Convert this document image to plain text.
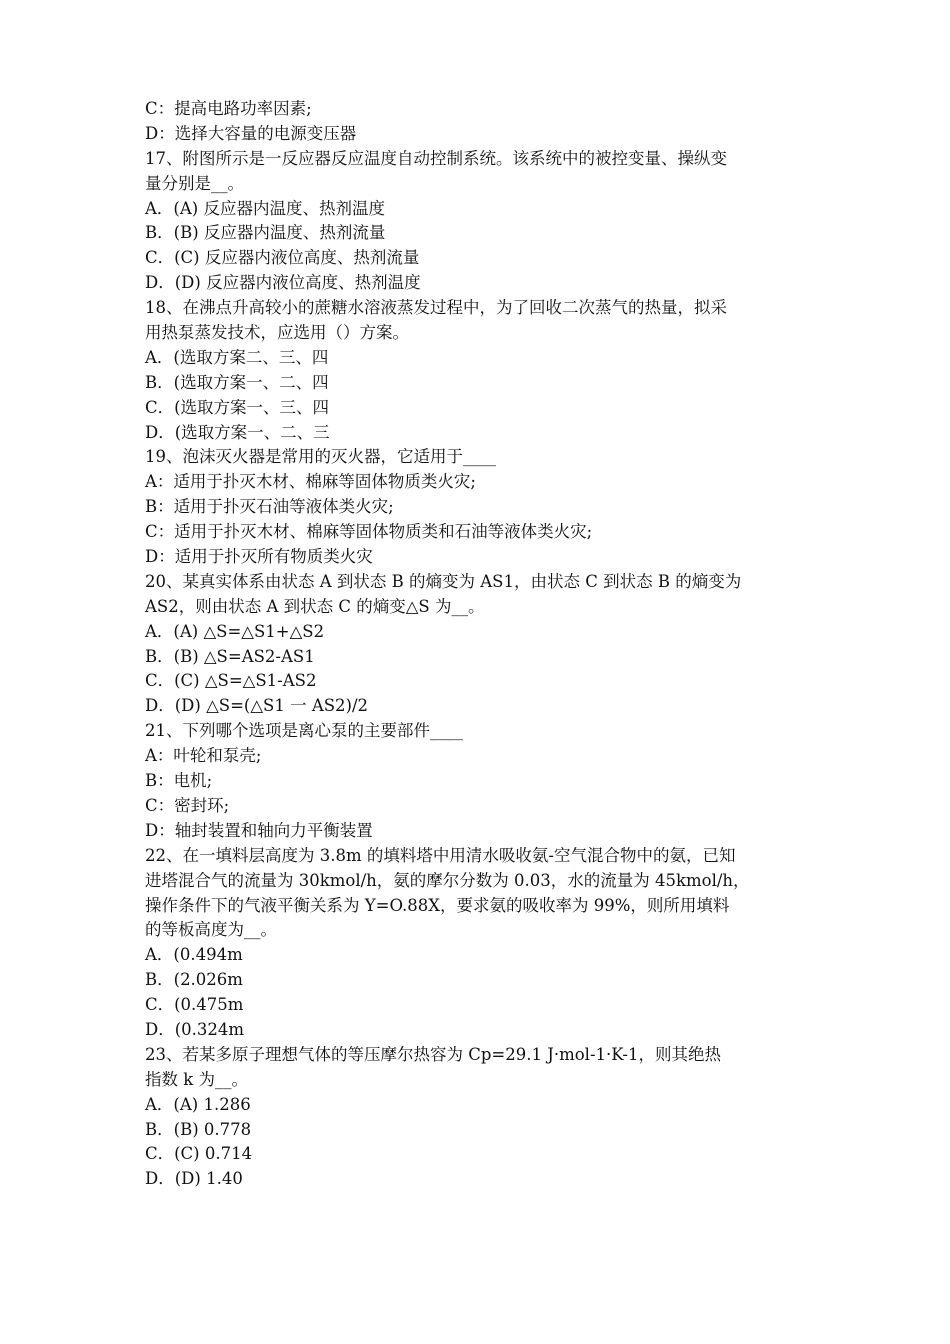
C：提高电路功率因素;
D：选择大容量的电源变压器
17、附图所示是一反应器反应温度自动控制系统。该系统中的被控变量、操纵变
量分别是__。
A．(A) 反应器内温度、热剂温度
B．(B) 反应器内温度、热剂流量
C．(C) 反应器内液位高度、热剂流量
D．(D) 反应器内液位高度、热剂温度
18、在沸点升高较小的蔗糖水溶液蒸发过程中，为了回收二次蒸气的热量，拟采
用热泵蒸发技术，应选用（）方案。
A．(选取方案二、三、四
B．(选取方案一、二、四
C．(选取方案一、三、四
D．(选取方案一、二、三
19、泡沫灭火器是常用的灭火器，它适用于____
A：适用于扑灭木材、棉麻等固体物质类火灾;
B：适用于扑灭石油等液体类火灾;
C：适用于扑灭木材、棉麻等固体物质类和石油等液体类火灾;
D：适用于扑灭所有物质类火灾
20、某真实体系由状态 A 到状态 B 的熵变为 AS1，由状态 C 到状态 B 的熵变为
AS2，则由状态 A 到状态 C 的熵变△S 为__。
A．(A) △S=△S1+△S2
B．(B) △S=AS2-AS1
C．(C) △S=△S1-AS2
D．(D) △S=(△S1 一 AS2)/2
21、下列哪个选项是离心泵的主要部件____
A：叶轮和泵壳;
B：电机;
C：密封环;
D：轴封装置和轴向力平衡装置
22、在一填料层高度为 3.8m 的填料塔中用清水吸收氨-空气混合物中的氨，已知
进塔混合气的流量为 30kmol/h，氨的摩尔分数为 0.03，水的流量为 45kmol/h，
操作条件下的气液平衡关系为 Y=O.88X，要求氨的吸收率为 99%，则所用填料
的等板高度为__。
A．(0.494m
B．(2.026m
C．(0.475m
D．(0.324m
23、若某多原子理想气体的等压摩尔热容为 Cp=29.1 J·mol-1·K-1，则其绝热
指数 k 为__。
A．(A) 1.286
B．(B) 0.778
C．(C) 0.714
D．(D) 1.40
